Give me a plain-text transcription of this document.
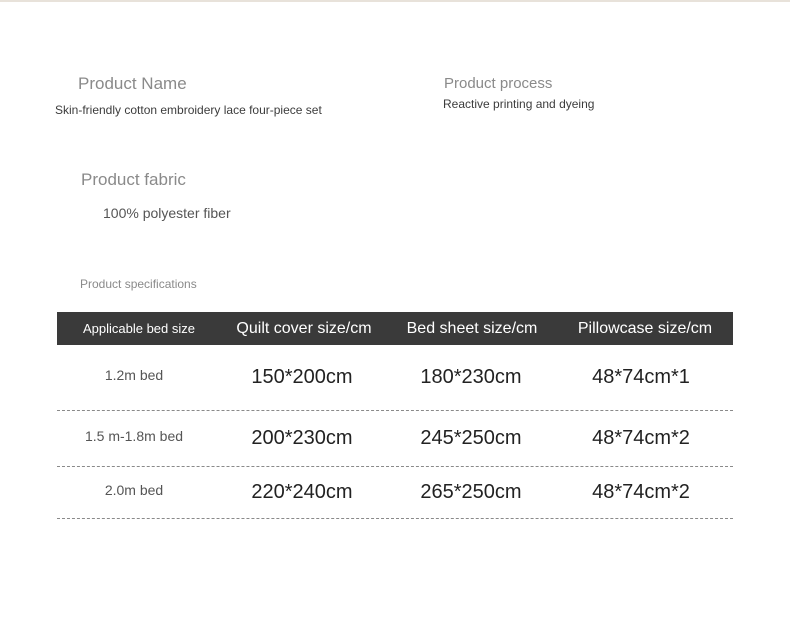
Product Name
Skin-friendly cotton embroidery lace four-piece set
Product process
Reactive printing and dyeing
Product fabric
100% polyester fiber
Product specifications
Applicable bed size	Quilt cover size/cm	Bed sheet size/cm	Pillowcase size/cm
1.2m bed	150*200cm	180*230cm	48*74cm*1
1.5 m-1.8m bed	200*230cm	245*250cm	48*74cm*2
2.0m bed	220*240cm	265*250cm	48*74cm*2
